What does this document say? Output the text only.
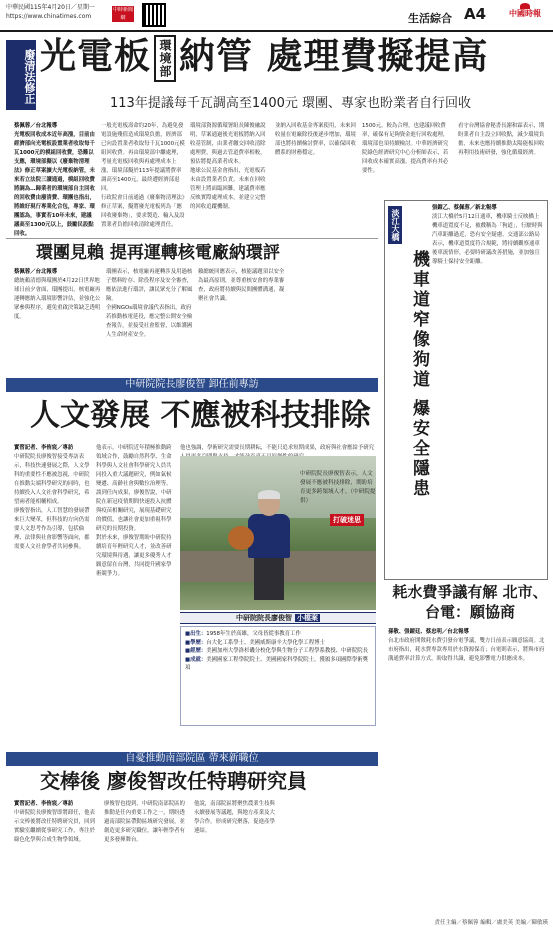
中華民國115年4月20日／星期一
https://www.chinatimes.com
中時新聞網	生活綜合 A4	中國時報
廢清法修正 光電板 環境部 納管 處理費擬提高
113年提議每千瓦調高至1400元 環團、專家也盼業者自行回收
蔡佩蓉／台北報導
光電板回收成本近年高漲，目前由經濟部向光電板設置業者收取每千瓦1000元的模組回收費，恐難以支應，環境部擬以《廢棄物清理法》修正草案擴大光電板納管，未來若立法院三讀通過，模組回收費將調為…歸業者的環境部自主回收的回收費由廢清費、環團也指出，將維好現行專業化合包，專家、環團認為，事實若10年未來，建議議高至1300元以上，鼓勵民設點回收。
一般光電板壽命約20年，為避免發電設施殘值造成環境負擔，經濟部已向設置業者收取每千瓦1000元模組回收費。再由環境部中繼處理，考量光電板回收與再處理成本上漲，環境部擬於113年提議將費率調高至1400元，最終遭經濟部退回。
行政院會日前通過《廢棄物清理法》修正草案，擬將廢光電板列為「應回收廢棄物」，要求製造、輸入及設置業者負擔回收清除處理責任。
環境部資源循環署組長陳俊融說明，草案通過後光電板將納入回收基管制，由業者繳交回收清除處理費，與過去管道費率相較，預估將提高業者成本。
地球公民基金會指出，光電板若未由設置業者負責，未來在回收管理上將面臨困難，建議費率應反映實際處理成本，並建立完整的回收追蹤機制。
並納入回收基金專案使用，未來回收量在電廠除役後逐步增加，環境部也將持續檢討費率，以確保回收體系的財務穩定。
1500元，較為合理，也建議回收費率，確保有足夠資金進行回收處理，環境部也須持續檢討。中華經濟研究院綠色經濟研究中心分析師表示，若回收成本確實高漲，提高費率有其必要性。
看守台灣協會秘書長謝和霖表示，期盼業者自主設立回收點，減少環境負擔，未來也應持續推動太陽能板回收再利用技術研發，強化循環經濟。
環團見賴 提再運轉核電廠納環評
蔡佩蓉／台北報導
總統賴清德與環團於4月22日世界地球日前夕會面，環團提出，核電廠再運轉應納入環境影響評估，並強化公眾參與程序，避免重啟決策缺乏透明度。
環團表示，核電廠再運轉涉及用過核子燃料貯存、除役程序及安全審查，應依法進行環評，讓民眾充分了解風險。
全國NGOs環境會議代表指出，政府若推動核電延役，應完整公開安全檢查報告，並接受社會監督，以維護國人生命財產安全。
賴總統回應表示，核能議題須以安全為最高原則，並尊重核安會的專業審查，政府將持續與民間團體溝通，凝聚社會共識。
中研院院長廖俊智 卸任前專訪
人文發展 不應被科技排除
實習記者、李侑宸／專訪
中研院院長廖俊智接受專訪表示，科技快速發展之際，人文學科的重要性不應被忽視，中研院在推動尖端科學研究的同時，也持續投入人文社會科學研究，希望兩者能相輔相成。
廖俊智指出，人工智慧的發展帶來巨大變革，但科技的方向仍需要人文思考作為引導，包括倫理、法律與社會影響等面向，都需要人文社會學者共同參與。
他表示，中研院近年積極推動跨領域合作，鼓勵自然科學、生命科學與人文社會科學研究人員共同投入重大議題研究，例如氣候變遷、高齡社會與數位治理等。
談到任內成果，廖俊智說，中研院在新冠疫情期間快速投入抗體與疫苗相關研究，展現基礎研究的價值，也讓社會更加重視科學研究的長期投資。
對於未來，廖俊智期盼中研院持續培育年輕研究人才，並改善研究環境與待遇，讓更多優秀人才願意留在台灣，共同提升國家學術競爭力。
他也強調，學術研究需要長期耕耘，不能只追求短期成果，政府與社會應給予研究
打破迷思
中研院院長廖俊智表示，人文發展不應被科技排除，期盼培育更多跨領域人才。（中研院提供）
中研院院長廖俊智 小檔案
■出生：1958年生於高雄，父母皆從事教育工作
■學歷：台大化工系學士、美國威斯康辛大學化學工程博士
■經歷：美國加州大學洛杉磯分校化學與生物分子工程學系教授、中研院院長
■成就：美國國家工程學院院士、美國國家科學院院士，獲頒多項國際學術獎項
淡江大橋
機車道窄像狗道 爆安全隱患
張鎧乙、蔡佩蓉／新北報導
淡江大橋於5月12日通車，機車騎士反映橋上機車道寬度不足，被戲稱為「狗道」，行駛時與汽車距離過近，恐有安全疑慮。交通部公路局表示，機車道寬度符合規範，將持續觀察通車後車流情形，必要時研議改善措施，並加強宣導騎士保持安全距離。
耗水費爭議有解 北市、台電：願協商
孫敬、張鎧廷、蔡忠明／台北報導
台北市政府開徵耗水費引發台電爭議，雙方日前表示願意協商。北市府指出，耗水費專款專用於水資源保育；台電則表示，將與市府溝通費率計算方式，盼取得共識，避免影響電力供應成本。
自憂推動南部院區 帶來新職位
交棒後 廖俊智改任特聘研究員
實習記者、李侑宸／專訪
中研院院長廖俊智即將卸任，他表示交棒後將改任特聘研究員，回到實驗室繼續從事研究工作，專注於綠色化學與合成生物學領域。
廖俊智也提到，中研院南部院區的推動是任內重要工作之一，期盼透過南部院區帶動區域研究發展，並創造更多研究職位，讓年輕學者有更多發揮舞台。
他說，南部院區將聚焦農業生技與永續發展等議題，與地方產業及大學合作，形成研究聚落，促進產學連結。
責任主編／蔡佩蓉 編輯／盧美英 美編／陳敏瑛
